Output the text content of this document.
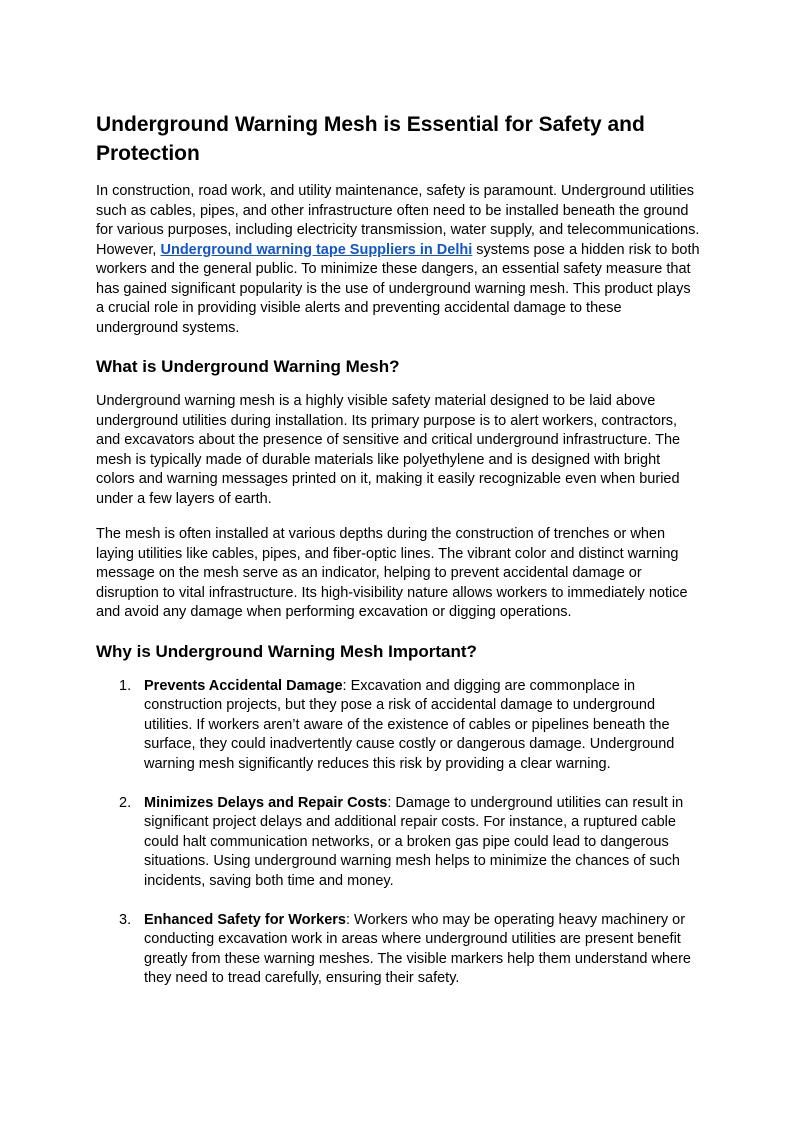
Underground Warning Mesh is Essential for Safety and Protection

In construction, road work, and utility maintenance, safety is paramount. Underground utilities such as cables, pipes, and other infrastructure often need to be installed beneath the ground for various purposes, including electricity transmission, water supply, and telecommunications. However, Underground warning tape Suppliers in Delhi systems pose a hidden risk to both workers and the general public. To minimize these dangers, an essential safety measure that has gained significant popularity is the use of underground warning mesh. This product plays a crucial role in providing visible alerts and preventing accidental damage to these underground systems.

What is Underground Warning Mesh?

Underground warning mesh is a highly visible safety material designed to be laid above underground utilities during installation. Its primary purpose is to alert workers, contractors, and excavators about the presence of sensitive and critical underground infrastructure. The mesh is typically made of durable materials like polyethylene and is designed with bright colors and warning messages printed on it, making it easily recognizable even when buried under a few layers of earth.

The mesh is often installed at various depths during the construction of trenches or when laying utilities like cables, pipes, and fiber-optic lines. The vibrant color and distinct warning message on the mesh serve as an indicator, helping to prevent accidental damage or disruption to vital infrastructure. Its high-visibility nature allows workers to immediately notice and avoid any damage when performing excavation or digging operations.

Why is Underground Warning Mesh Important?
1. Prevents Accidental Damage: Excavation and digging are commonplace in construction projects, but they pose a risk of accidental damage to underground utilities. If workers aren’t aware of the existence of cables or pipelines beneath the surface, they could inadvertently cause costly or dangerous damage. Underground warning mesh significantly reduces this risk by providing a clear warning.
2. Minimizes Delays and Repair Costs: Damage to underground utilities can result in significant project delays and additional repair costs. For instance, a ruptured cable could halt communication networks, or a broken gas pipe could lead to dangerous situations. Using underground warning mesh helps to minimize the chances of such incidents, saving both time and money.
3. Enhanced Safety for Workers: Workers who may be operating heavy machinery or conducting excavation work in areas where underground utilities are present benefit greatly from these warning meshes. The visible markers help them understand where they need to tread carefully, ensuring their safety.
